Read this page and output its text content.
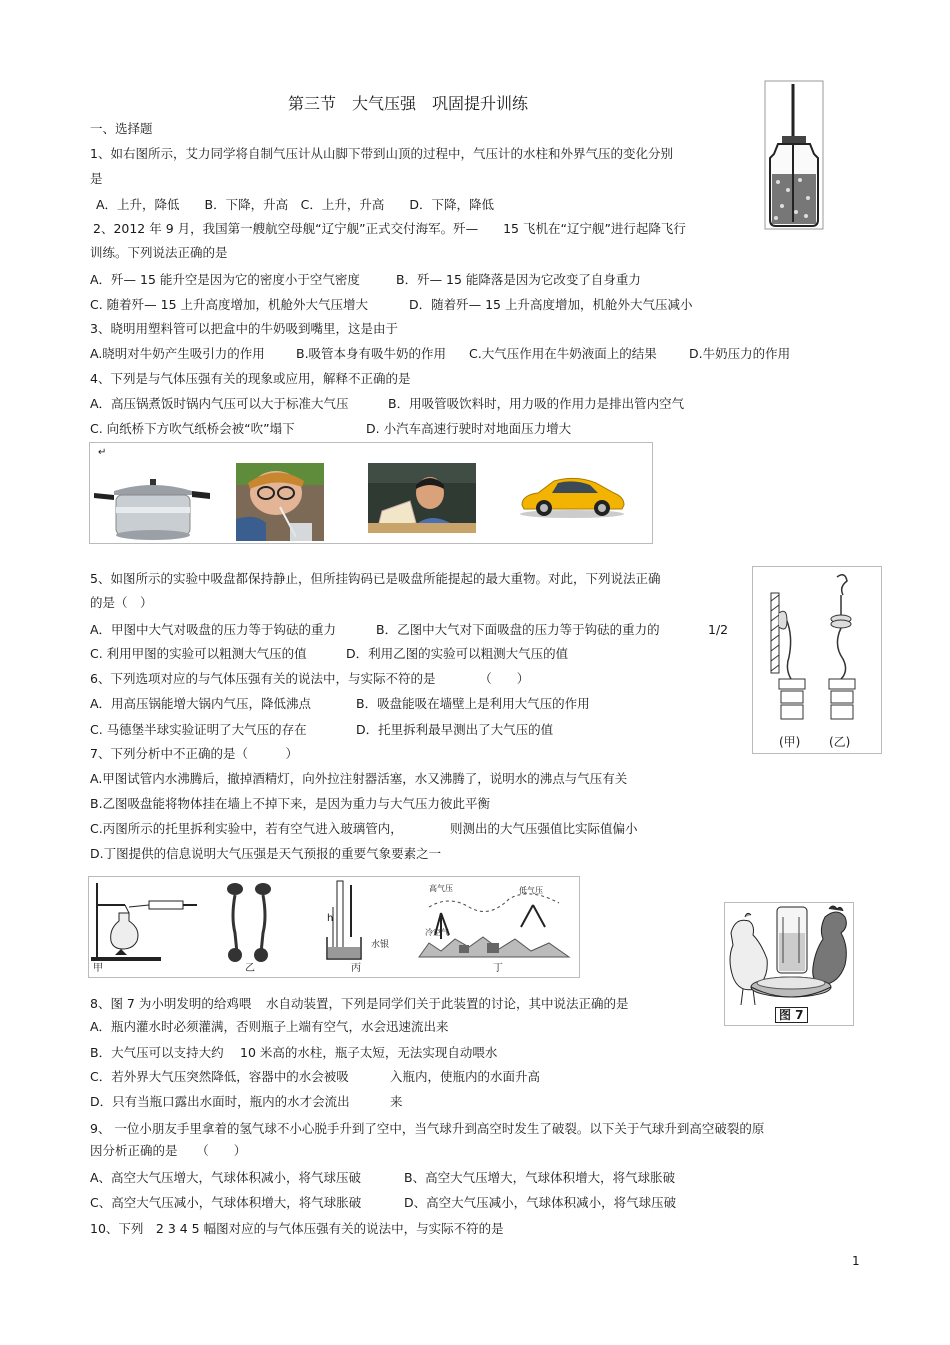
第三节 大气压强 巩固提升训练
一、选择题
1、如右图所示，艾力同学将自制气压计从山脚下带到山顶的过程中，气压计的水柱和外界气压的变化分别
是
A．上升，降低　　B．下降，升高　C．上升，升高　　D．下降，降低
2、2012 年 9 月，我国第一艘航空母舰“辽宁舰”正式交付海军。歼—　　15 飞机在“辽宁舰”进行起降飞行
训练。下列说法正确的是
A．歼— 15 能升空是因为它的密度小于空气密度	B．歼— 15 能降落是因为它改变了自身重力
C. 随着歼— 15 上升高度增加，机舱外大气压增大	D．随着歼— 15 上升高度增加，机舱外大气压减小
3、晓明用塑料管可以把盒中的牛奶吸到嘴里，这是由于
A.晓明对牛奶产生吸引力的作用 B.吸管本身有吸牛奶的作用 C.大气压作用在牛奶液面上的结果	D.牛奶压力的作用
4、下列是与气体压强有关的现象或应用，解释不正确的是
A．高压锅煮饭时锅内气压可以大于标准大气压	B．用吸管吸饮料时，用力吸的作用力是排出管内空气
C. 向纸桥下方吹气纸桥会被“吹”塌下	D. 小汽车高速行驶时对地面压力增大
↵
5、如图所示的实验中吸盘都保持静止，但所挂钩码已是吸盘所能提起的最大重物。对此，下列说法正确
的是（　）
A．甲图中大气对吸盘的压力等于钩砝的重力	B．乙图中大气对下面吸盘的压力等于钩砝的重力的	1/2
C. 利用甲图的实验可以粗测大气压的值	D．利用乙图的实验可以粗测大气压的值
(甲) (乙)
6、下列选项对应的与气体压强有关的说法中，与实际不符的是　　　　（　　）
A．用高压锅能增大锅内气压，降低沸点	B．吸盘能吸在墙壁上是利用大气压的作用
C. 马德堡半球实验证明了大气压的存在	D．托里拆利最早测出了大气压的值
7、下列分析中不正确的是（　　　）
A.甲图试管内水沸腾后，撤掉酒精灯，向外拉注射器活塞，水又沸腾了，说明水的沸点与气压有关
B.乙图吸盘能将物体挂在墙上不掉下来，是因为重力与大气压力彼此平衡
C.丙图所示的托里拆利实验中，若有空气进入玻璃管内，	则测出的大气压强值比实际值偏小
D.丁图提供的信息说明大气压强是天气预报的重要气象要素之一
甲	乙	丙	丁
h
水银
高气压	低气压
冷空气
图 7
8、图 7 为小明发明的给鸡喂 水自动装置，下列是同学们关于此装置的讨论，其中说法正确的是
A．瓶内灌水时必须灌满，否则瓶子上端有空气，水会迅速流出来
B．大气压可以支持大约　 10 米高的水柱，瓶子太短，无法实现自动喂水
C．若外界大气压突然降低，容器中的水会被吸	入瓶内，使瓶内的水面升高
D．只有当瓶口露出水面时，瓶内的水才会流出	来
9、 一位小朋友手里拿着的氢气球不小心脱手升到了空中，当气球升到高空时发生了破裂。以下关于气球升到高空破裂的原
因分析正确的是　　（　　）
A、高空大气压增大，气球体积减小，将气球压破	B、高空大气压增大，气球体积增大，将气球胀破
C、高空大气压减小，气球体积增大，将气球胀破	D、高空大气压减小，气球体积减小，将气球压破
10、下列　2 3 4 5 幅图对应的与气体压强有关的说法中，与实际不符的是
1
